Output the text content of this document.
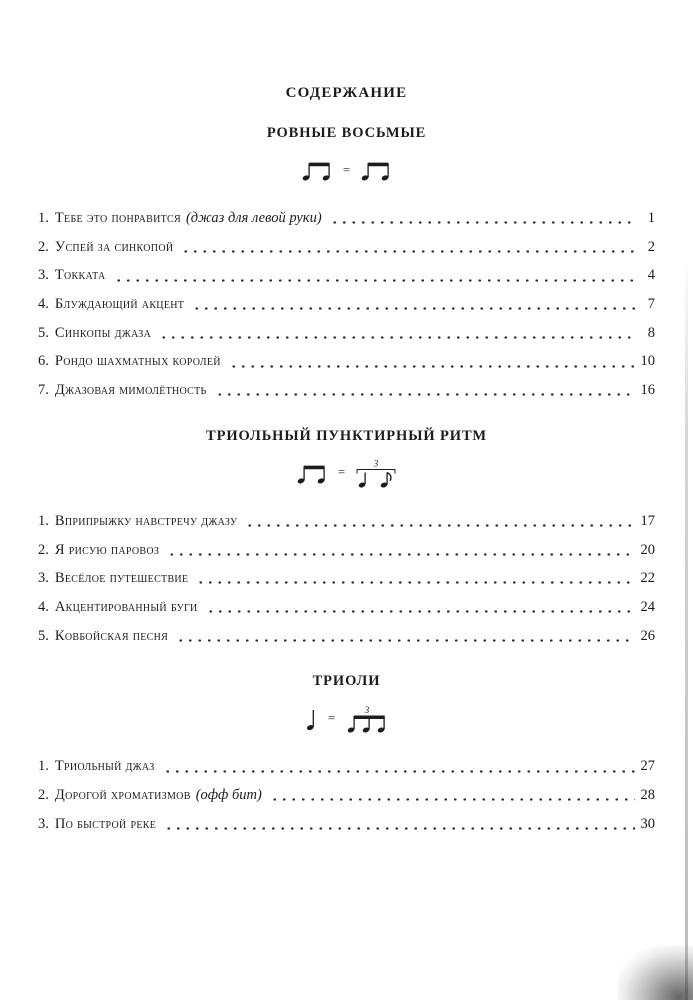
СОДЕРЖАНИЕ
РОВНЫЕ ВОСЬМЫЕ
=
1. Тебе это понравится (джаз для левой руки)	1
2. Успей за синкопой	2
3. Токката	4
4. Блуждающий акцент	7
5. Синкопы джаза	8
6. Рондо шахматных королей	10
7. Джазовая мимолётность	16
ТРИОЛЬНЫЙ ПУНКТИРНЫЙ РИТМ
=
3
1. Вприпрыжку навстречу джазу	17
2. Я рисую паровоз	20
3. Весёлое путешествие	22
4. Акцентированный буги	24
5. Ковбойская песня	26
ТРИОЛИ
=	3
1. Триольный джаз	27
2. Дорогой хроматизмов (офф бит)	28
3. По быстрой реке	30
